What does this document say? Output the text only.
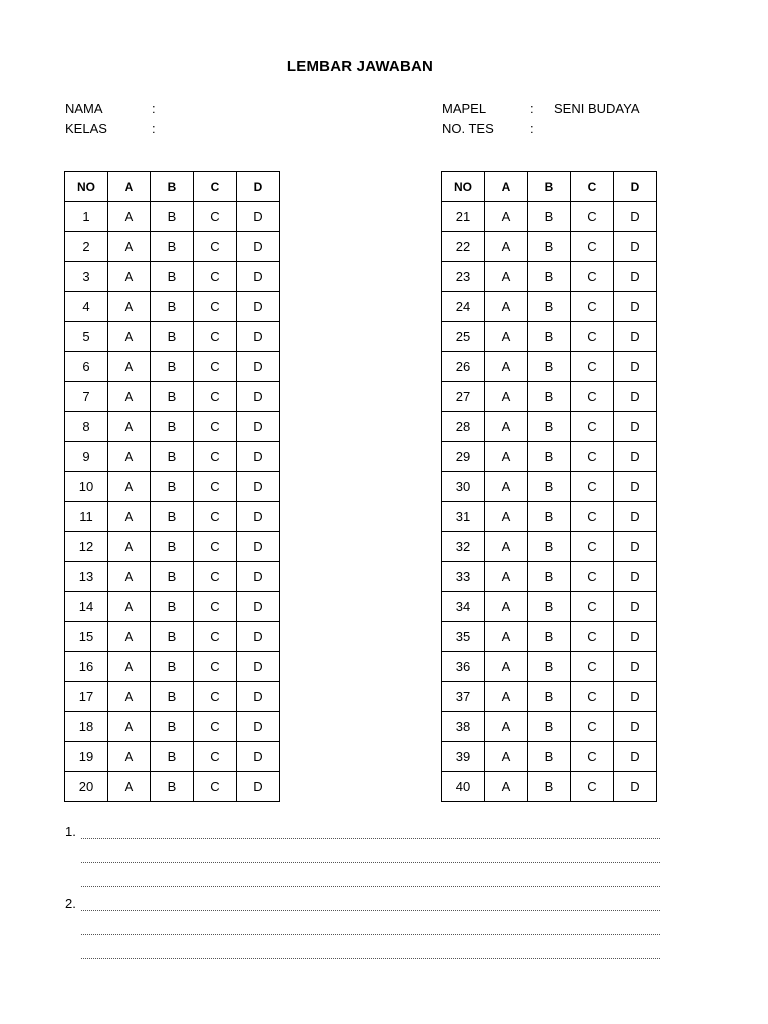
LEMBAR JAWABAN
NAMA	:
KELAS	:
MAPEL	: SENI BUDAYA
NO. TES	:
NO	A	B	C	D
1	A	B	C	D
2	A	B	C	D
3	A	B	C	D
4	A	B	C	D
5	A	B	C	D
6	A	B	C	D
7	A	B	C	D
8	A	B	C	D
9	A	B	C	D
10	A	B	C	D
11	A	B	C	D
12	A	B	C	D
13	A	B	C	D
14	A	B	C	D
15	A	B	C	D
16	A	B	C	D
17	A	B	C	D
18	A	B	C	D
19	A	B	C	D
20	A	B	C	D
NO	A	B	C	D
21	A	B	C	D
22	A	B	C	D
23	A	B	C	D
24	A	B	C	D
25	A	B	C	D
26	A	B	C	D
27	A	B	C	D
28	A	B	C	D
29	A	B	C	D
30	A	B	C	D
31	A	B	C	D
32	A	B	C	D
33	A	B	C	D
34	A	B	C	D
35	A	B	C	D
36	A	B	C	D
37	A	B	C	D
38	A	B	C	D
39	A	B	C	D
40	A	B	C	D
1.
2.
